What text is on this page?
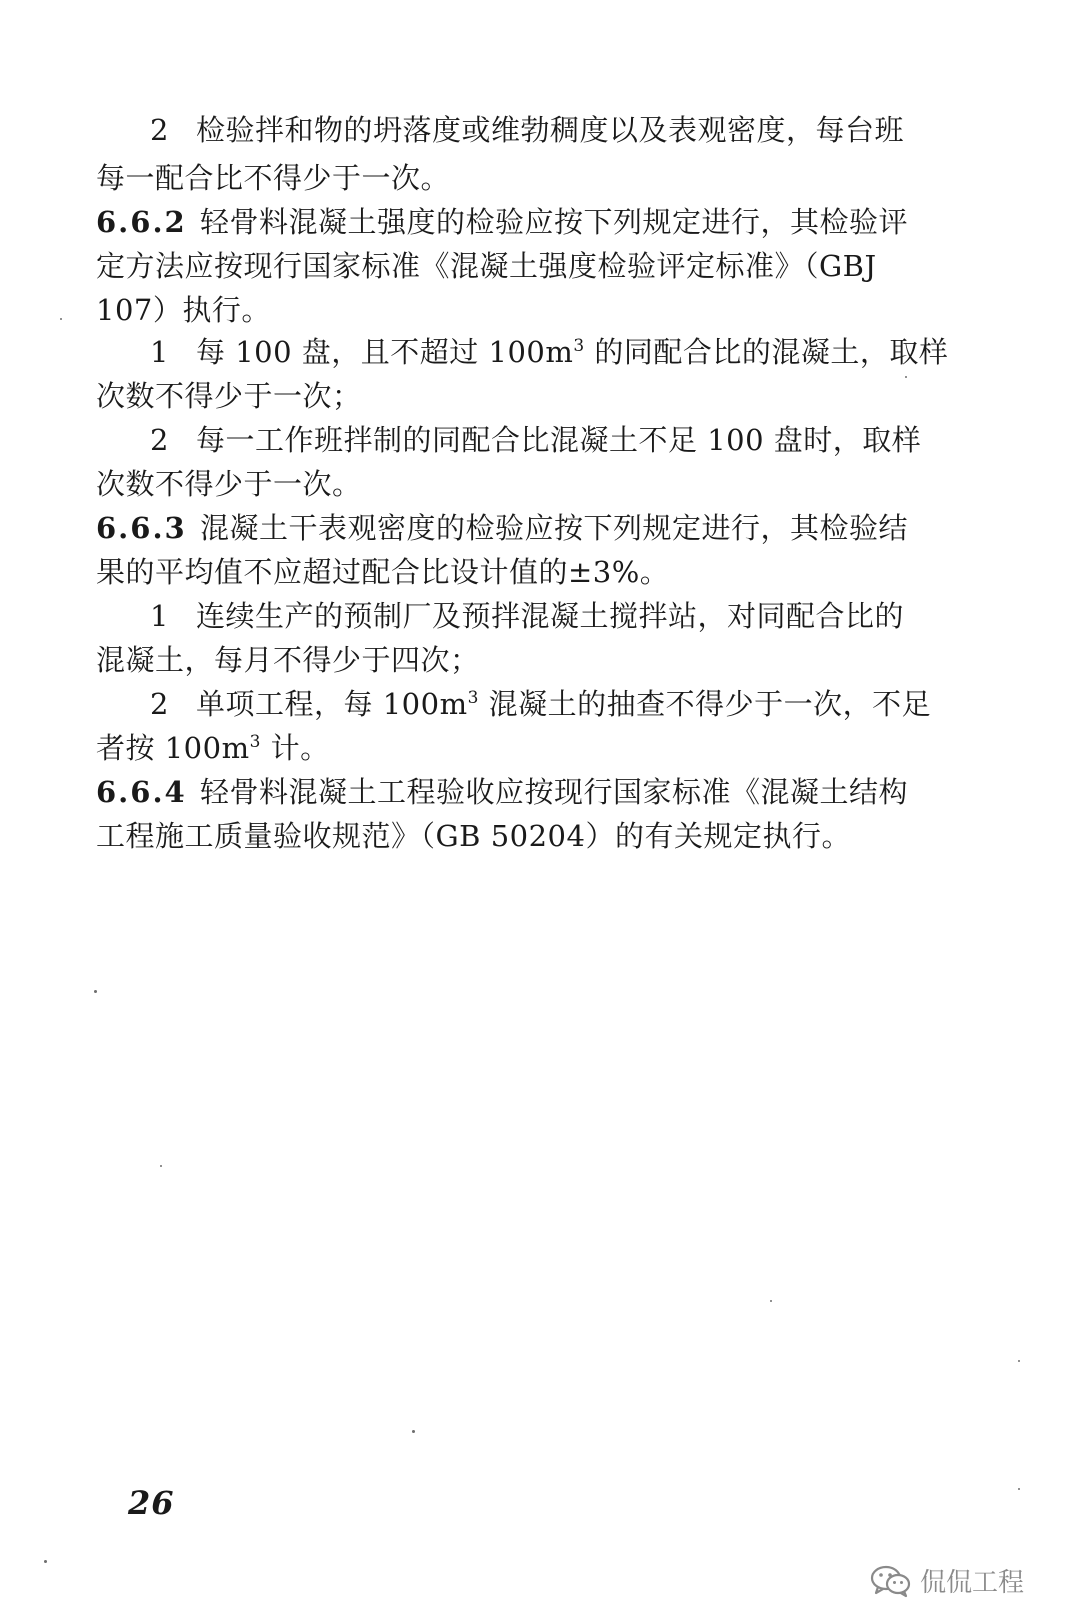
2 检验拌和物的坍落度或维勃稠度以及表观密度，每台班
每一配合比不得少于一次。
6.6.2 轻骨料混凝土强度的检验应按下列规定进行，其检验评
定方法应按现行国家标准《混凝土强度检验评定标准》（GBJ
107）执行。
1 每 100 盘，且不超过 $100m^3$ 的同配合比的混凝土，取样
次数不得少于一次；
2 每一工作班拌制的同配合比混凝土不足 100 盘时，取样
次数不得少于一次。
6.6.3 混凝土干表观密度的检验应按下列规定进行，其检验结
果的平均值不应超过配合比设计值的±3%。
1 连续生产的预制厂及预拌混凝土搅拌站，对同配合比的
混凝土，每月不得少于四次；
2 单项工程，每 $100m^3$ 混凝土的抽查不得少于一次，不足
者按 $100m^3$ 计。
6.6.4 轻骨料混凝土工程验收应按现行国家标准《混凝土结构
工程施工质量验收规范》（GB 50204）的有关规定执行。
26
侃侃工程
